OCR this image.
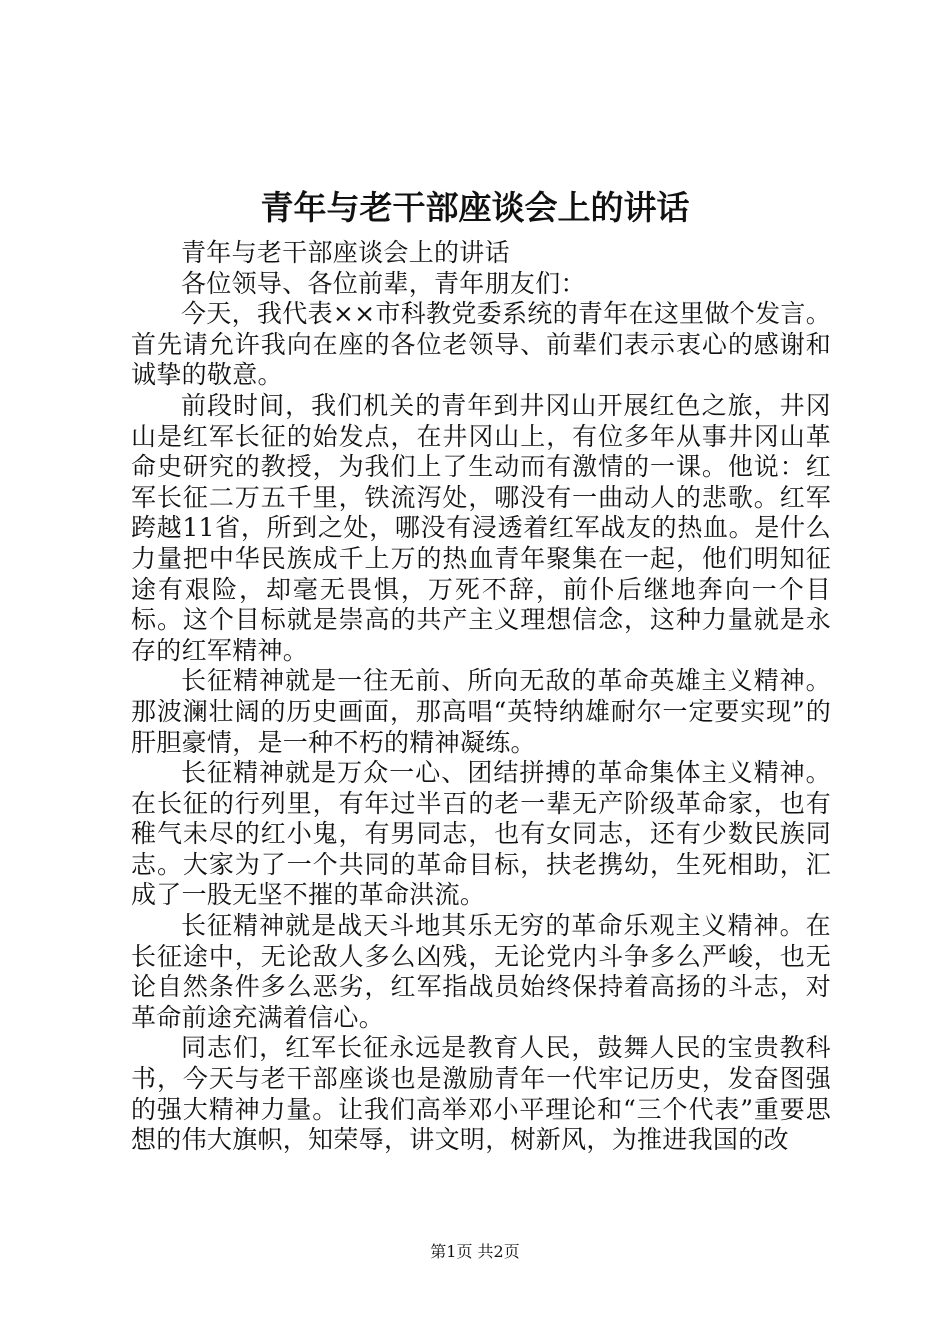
青年与老干部座谈会上的讲话

青年与老干部座谈会上的讲话

各位领导、各位前辈，青年朋友们：

今天，我代表××市科教党委系统的青年在这里做个发言。首先请允许我向在座的各位老领导、前辈们表示衷心的感谢和诚挚的敬意。

前段时间，我们机关的青年到井冈山开展红色之旅，井冈山是红军长征的始发点，在井冈山上，有位多年从事井冈山革命史研究的教授，为我们上了生动而有激情的一课。他说：红军长征二万五千里，铁流泻处，哪没有一曲动人的悲歌。红军跨越11省，所到之处，哪没有浸透着红军战友的热血。是什么力量把中华民族成千上万的热血青年聚集在一起，他们明知征途有艰险，却毫无畏惧，万死不辞，前仆后继地奔向一个目标。这个目标就是崇高的共产主义理想信念，这种力量就是永存的红军精神。

长征精神就是一往无前、所向无敌的革命英雄主义精神。那波澜壮阔的历史画面，那高唱“英特纳雄耐尔一定要实现”的肝胆豪情，是一种不朽的精神凝练。

长征精神就是万众一心、团结拼搏的革命集体主义精神。在长征的行列里，有年过半百的老一辈无产阶级革命家，也有稚气未尽的红小鬼，有男同志，也有女同志，还有少数民族同志。大家为了一个共同的革命目标，扶老携幼，生死相助，汇成了一股无坚不摧的革命洪流。

长征精神就是战天斗地其乐无穷的革命乐观主义精神。在长征途中，无论敌人多么凶残，无论党内斗争多么严峻，也无论自然条件多么恶劣，红军指战员始终保持着高扬的斗志，对革命前途充满着信心。

同志们，红军长征永远是教育人民，鼓舞人民的宝贵教科书，今天与老干部座谈也是激励青年一代牢记历史，发奋图强的强大精神力量。让我们高举邓小平理论和“三个代表”重要思想的伟大旗帜，知荣辱，讲文明，树新风，为推进我国的改

第1页 共2页
